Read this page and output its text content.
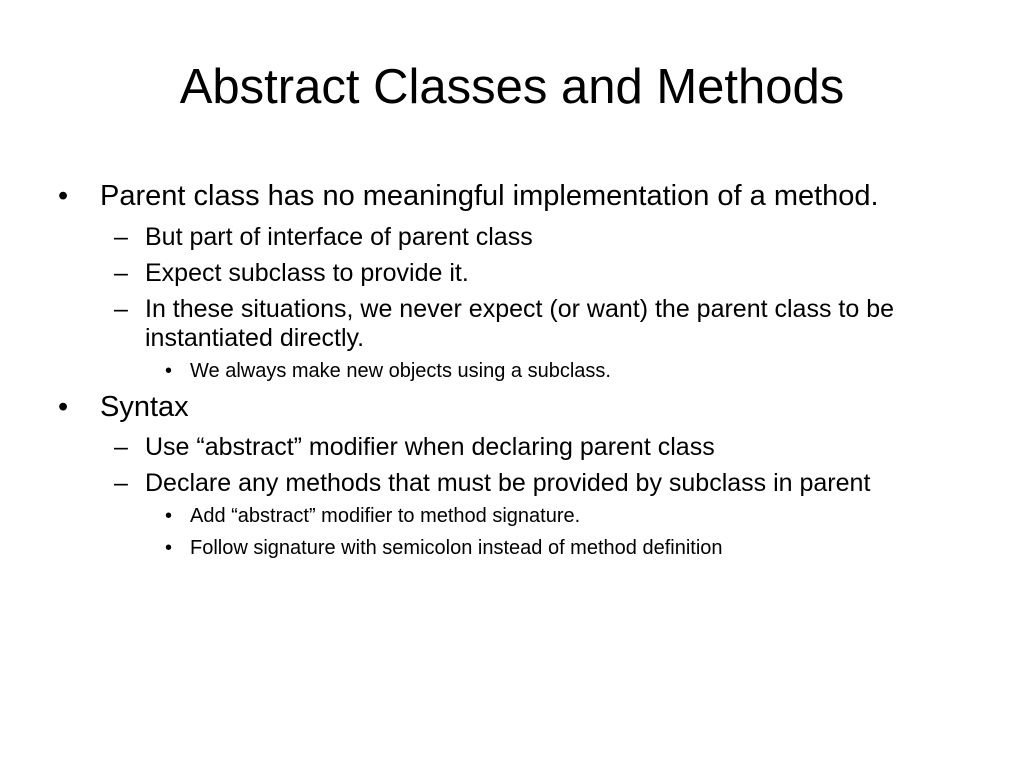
Abstract Classes and Methods
• Parent class has no meaningful implementation of a method.
– But part of interface of parent class
– Expect subclass to provide it.
– In these situations, we never expect (or want) the parent class to be instantiated directly.
• We always make new objects using a subclass.
• Syntax
– Use “abstract” modifier when declaring parent class
– Declare any methods that must be provided by subclass in parent
• Add “abstract” modifier to method signature.
• Follow signature with semicolon instead of method definition
